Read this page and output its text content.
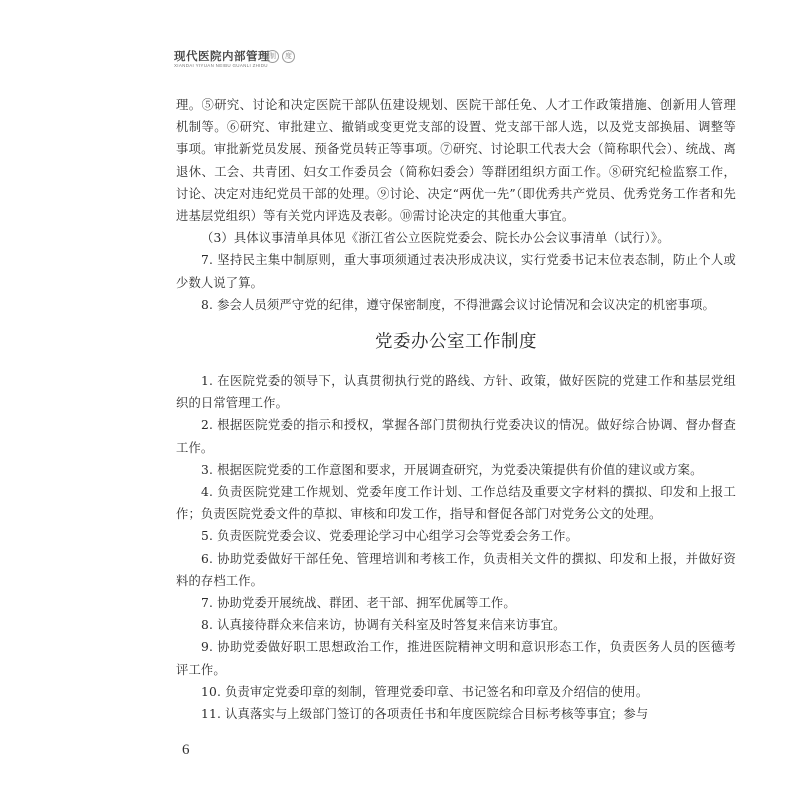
现代医院内部管理
XIANDAI YIYUAN NEIBU GUANLI ZHIDU
制	度

理。⑤研究、讨论和决定医院干部队伍建设规划、医院干部任免、人才工作政策措施、创新用人管理机制等。⑥研究、审批建立、撤销或变更党支部的设置、党支部干部人选，以及党支部换届、调整等事项。审批新党员发展、预备党员转正等事项。⑦研究、讨论职工代表大会（简称职代会）、统战、离退休、工会、共青团、妇女工作委员会（简称妇委会）等群团组织方面工作。⑧研究纪检监察工作，讨论、决定对违纪党员干部的处理。⑨讨论、决定“两优一先”（即优秀共产党员、优秀党务工作者和先进基层党组织）等有关党内评选及表彰。⑩需讨论决定的其他重大事宜。

（3）具体议事清单具体见《浙江省公立医院党委会、院长办公会议事清单（试行）》。

7. 坚持民主集中制原则，重大事项须通过表决形成决议，实行党委书记末位表态制，防止个人或少数人说了算。

8. 参会人员须严守党的纪律，遵守保密制度，不得泄露会议讨论情况和会议决定的机密事项。

党委办公室工作制度

1. 在医院党委的领导下，认真贯彻执行党的路线、方针、政策，做好医院的党建工作和基层党组织的日常管理工作。

2. 根据医院党委的指示和授权，掌握各部门贯彻执行党委决议的情况。做好综合协调、督办督查工作。

3. 根据医院党委的工作意图和要求，开展调查研究，为党委决策提供有价值的建议或方案。

4. 负责医院党建工作规划、党委年度工作计划、工作总结及重要文字材料的撰拟、印发和上报工作；负责医院党委文件的草拟、审核和印发工作，指导和督促各部门对党务公文的处理。

5. 负责医院党委会议、党委理论学习中心组学习会等党委会务工作。

6. 协助党委做好干部任免、管理培训和考核工作，负责相关文件的撰拟、印发和上报，并做好资料的存档工作。

7. 协助党委开展统战、群团、老干部、拥军优属等工作。

8. 认真接待群众来信来访，协调有关科室及时答复来信来访事宜。

9. 协助党委做好职工思想政治工作，推进医院精神文明和意识形态工作，负责医务人员的医德考评工作。

10. 负责审定党委印章的刻制，管理党委印章、书记签名和印章及介绍信的使用。

11. 认真落实与上级部门签订的各项责任书和年度医院综合目标考核等事宜；参与

6
